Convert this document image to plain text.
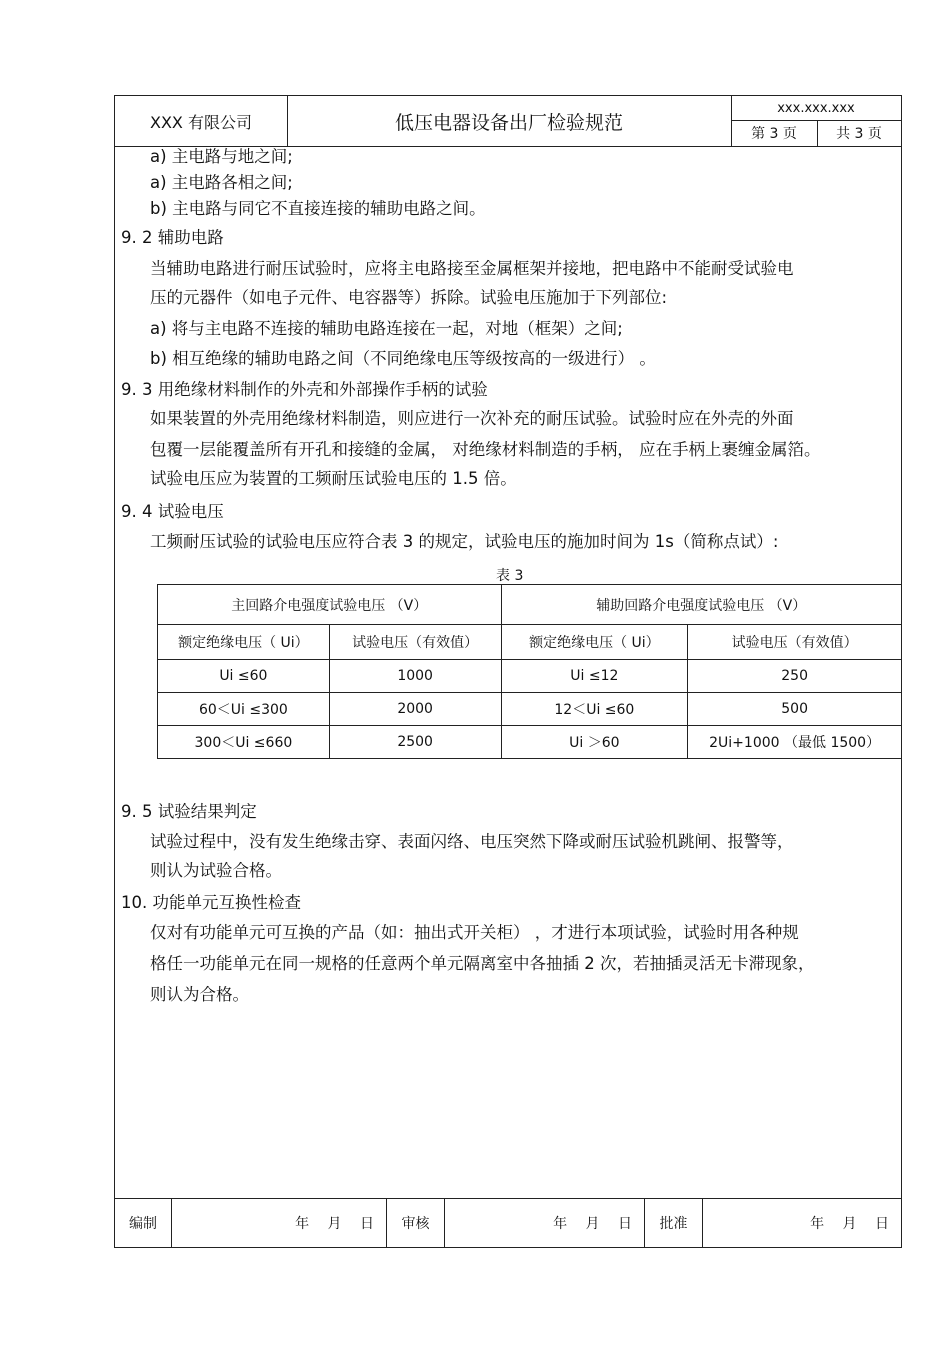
XXX 有限公司	低压电器设备出厂检验规范
xxx.xxx.xxx
第 3 页	共 3 页
编制	年 月 日	审核	年 月 日	批准	年 月 日
a) 主电路与地之间;
a) 主电路各相之间;
b) 主电路与同它不直接连接的辅助电路之间。
9. 2 辅助电路
当辅助电路进行耐压试验时，应将主电路接至金属框架并接地，把电路中不能耐受试验电
压的元器件（如电子元件、电容器等）拆除。试验电压施加于下列部位:
a) 将与主电路不连接的辅助电路连接在一起，对地（框架）之间;
b) 相互绝缘的辅助电路之间（不同绝缘电压等级按高的一级进行） 。
9. 3 用绝缘材料制作的外壳和外部操作手柄的试验
如果装置的外壳用绝缘材料制造，则应进行一次补充的耐压试验。试验时应在外壳的外面
包覆一层能覆盖所有开孔和接缝的金属， 对绝缘材料制造的手柄， 应在手柄上裹缠金属箔。
试验电压应为装置的工频耐压试验电压的 1.5 倍。
9. 4 试验电压
工频耐压试验的试验电压应符合表 3 的规定，试验电压的施加时间为 1s（简称点试）:
表 3
主回路介电强度试验电压 （V）		辅助回路介电强度试验电压 （V）	
额定绝缘电压（ Ui）	试验电压（有效值）	额定绝缘电压（ Ui）	试验电压（有效值）
Ui ≤60	1000	Ui ≤12	250
60＜Ui ≤300	2000	12＜Ui ≤60	500
300＜Ui ≤660	2500	Ui ＞60	2Ui+1000 （最低 1500）
9. 5 试验结果判定
试验过程中，没有发生绝缘击穿、表面闪络、电压突然下降或耐压试验机跳闸、报警等，
则认为试验合格。
10. 功能单元互换性检查
仅对有功能单元可互换的产品（如：抽出式开关柜） ，才进行本项试验，试验时用各种规
格任一功能单元在同一规格的任意两个单元隔离室中各抽插 2 次，若抽插灵活无卡滞现象，
则认为合格。
